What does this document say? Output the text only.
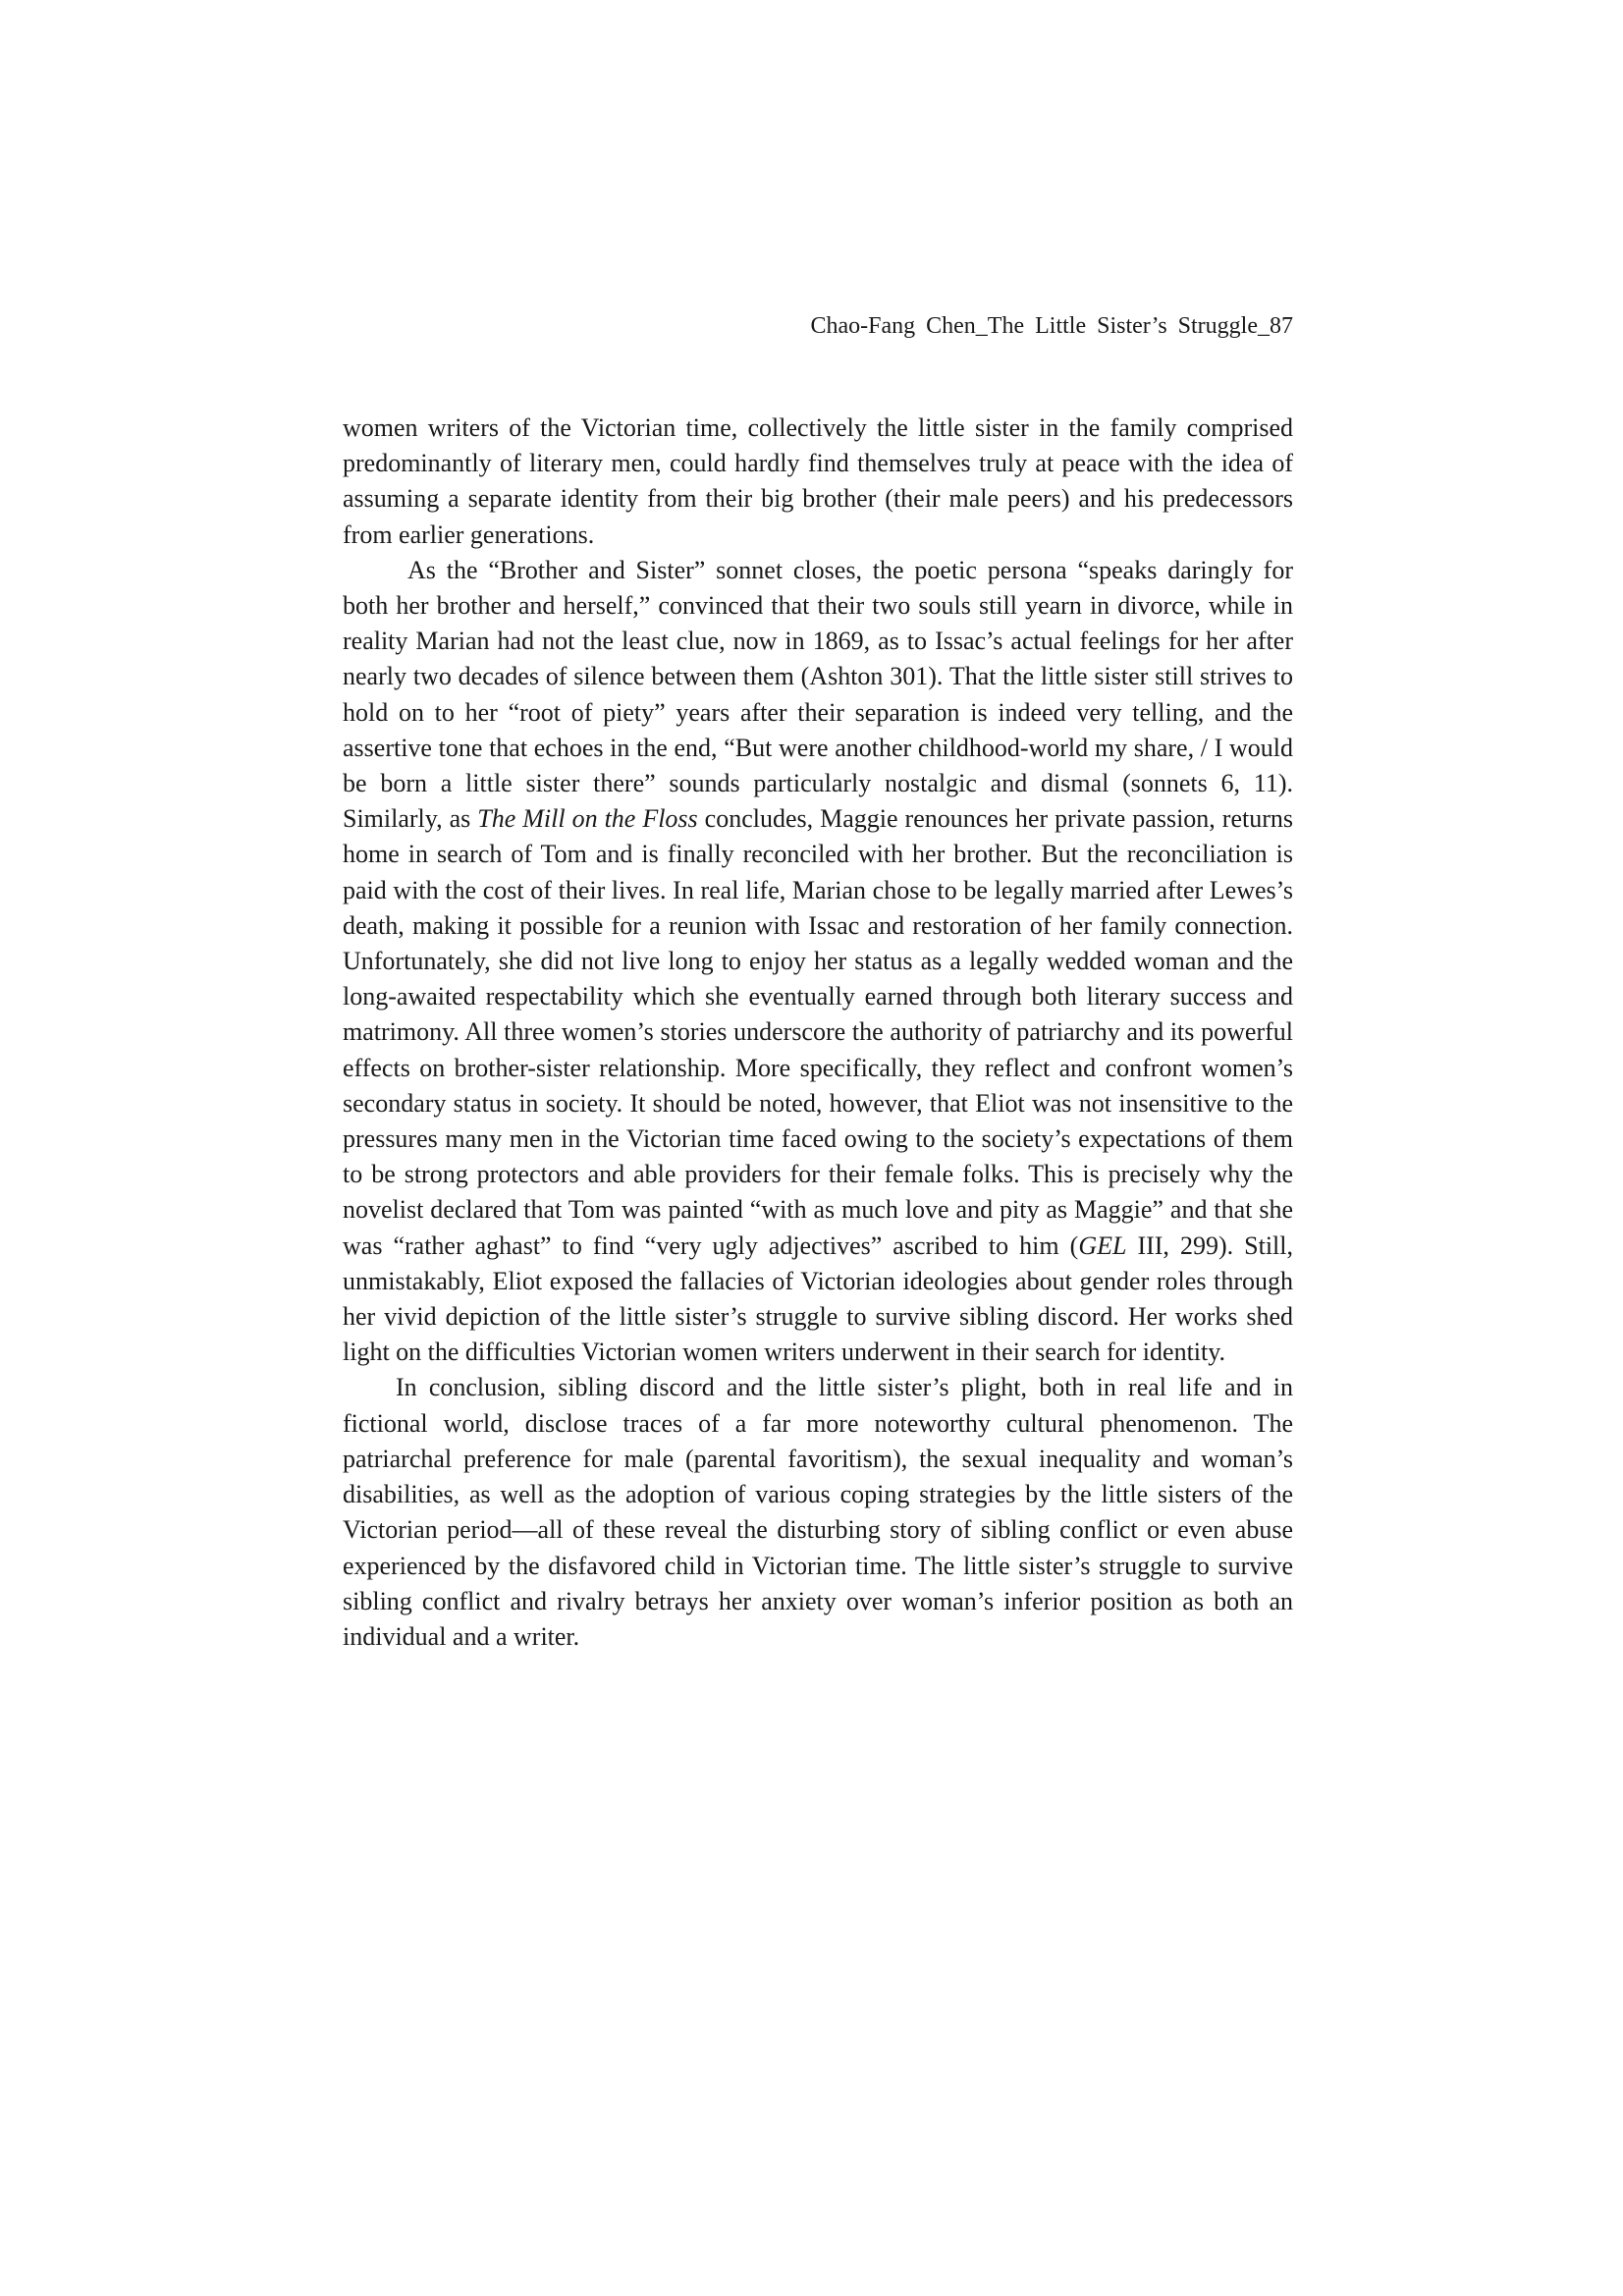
Chao-Fang Chen_The Little Sister’s Struggle_87

women writers of the Victorian time, collectively the little sister in the family comprised predominantly of literary men, could hardly find themselves truly at peace with the idea of assuming a separate identity from their big brother (their male peers) and his predecessors from earlier generations.

As the “Brother and Sister” sonnet closes, the poetic persona “speaks daringly for both her brother and herself,” convinced that their two souls still yearn in divorce, while in reality Marian had not the least clue, now in 1869, as to Issac’s actual feelings for her after nearly two decades of silence between them (Ashton 301). That the little sister still strives to hold on to her “root of piety” years after their separation is indeed very telling, and the assertive tone that echoes in the end, “But were another childhood-world my share, / I would be born a little sister there” sounds particularly nostalgic and dismal (sonnets 6, 11). Similarly, as The Mill on the Floss concludes, Maggie renounces her private passion, returns home in search of Tom and is finally reconciled with her brother. But the reconciliation is paid with the cost of their lives. In real life, Marian chose to be legally married after Lewes’s death, making it possible for a reunion with Issac and restoration of her family connection. Unfortunately, she did not live long to enjoy her status as a legally wedded woman and the long-awaited respectability which she eventually earned through both literary success and matrimony. All three women’s stories underscore the authority of patriarchy and its powerful effects on brother-sister relationship. More specifically, they reflect and confront women’s secondary status in society. It should be noted, however, that Eliot was not insensitive to the pressures many men in the Victorian time faced owing to the society’s expectations of them to be strong protectors and able providers for their female folks. This is precisely why the novelist declared that Tom was painted “with as much love and pity as Maggie” and that she was “rather aghast” to find “very ugly adjectives” ascribed to him (GEL III, 299). Still, unmistakably, Eliot exposed the fallacies of Victorian ideologies about gender roles through her vivid depiction of the little sister’s struggle to survive sibling discord. Her works shed light on the difficulties Victorian women writers underwent in their search for identity.

In conclusion, sibling discord and the little sister’s plight, both in real life and in fictional world, disclose traces of a far more noteworthy cultural phenomenon. The patriarchal preference for male (parental favoritism), the sexual inequality and woman’s disabilities, as well as the adoption of various coping strategies by the little sisters of the Victorian period—all of these reveal the disturbing story of sibling conflict or even abuse experienced by the disfavored child in Victorian time. The little sister’s struggle to survive sibling conflict and rivalry betrays her anxiety over woman’s inferior position as both an individual and a writer.
